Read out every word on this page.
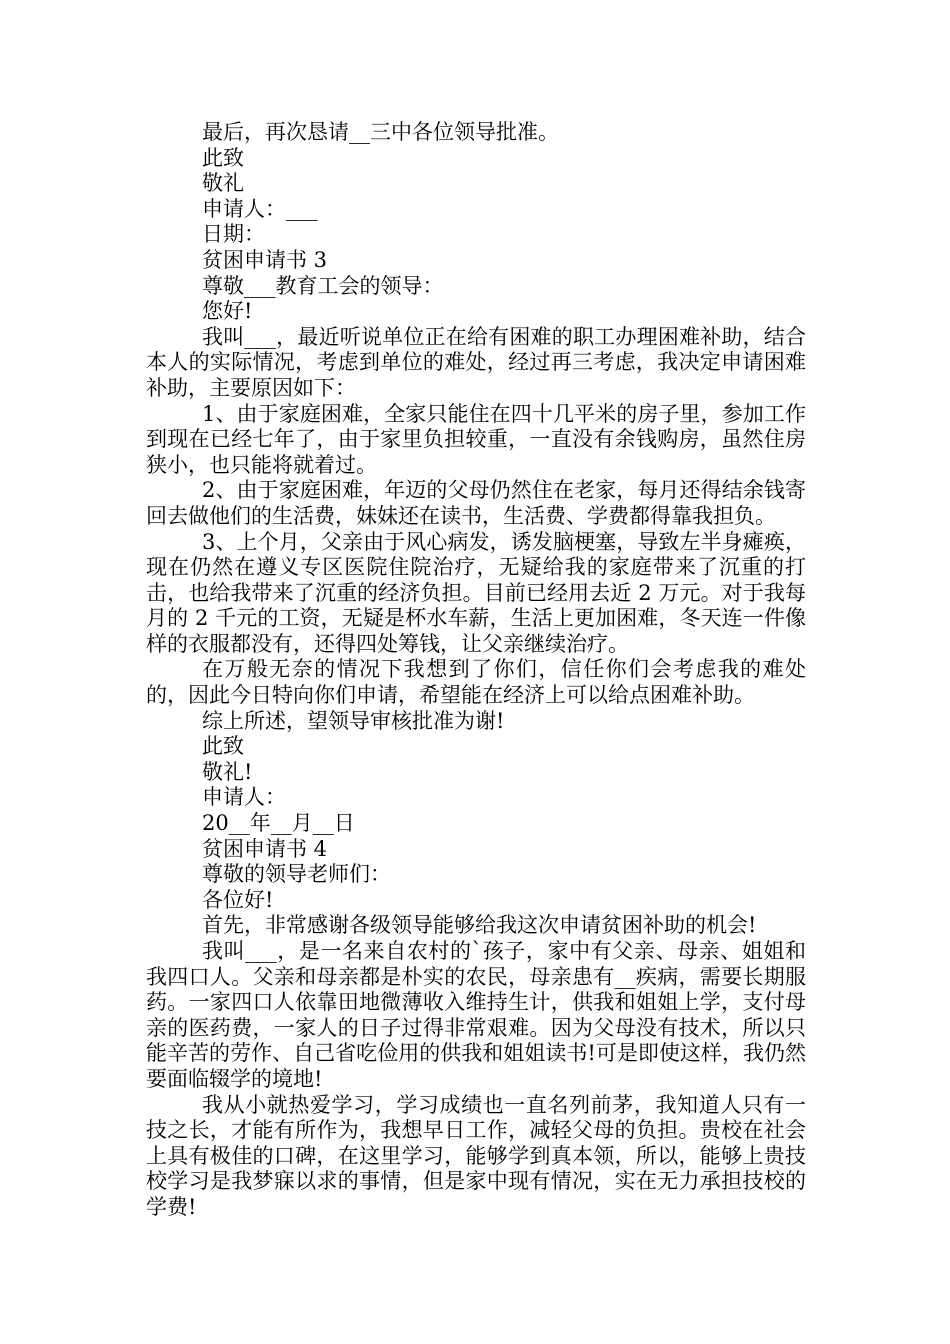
最后，再次恳请__三中各位领导批准。

此致

敬礼

申请人：___

日期：

贫困申请书 3

尊敬___教育工会的领导：

您好!

我叫___，最近听说单位正在给有困难的职工办理困难补助，结合本人的实际情况，考虑到单位的难处，经过再三考虑，我决定申请困难补助，主要原因如下：

1、由于家庭困难，全家只能住在四十几平米的房子里，参加工作到现在已经七年了，由于家里负担较重，一直没有余钱购房，虽然住房狭小，也只能将就着过。

2、由于家庭困难，年迈的父母仍然住在老家，每月还得结余钱寄回去做他们的生活费，妹妹还在读书，生活费、学费都得靠我担负。

3、上个月，父亲由于风心病发，诱发脑梗塞，导致左半身瘫痪，现在仍然在遵义专区医院住院治疗，无疑给我的家庭带来了沉重的打击，也给我带来了沉重的经济负担。目前已经用去近 2 万元。对于我每月的 2 千元的工资，无疑是杯水车薪，生活上更加困难，冬天连一件像样的衣服都没有，还得四处筹钱，让父亲继续治疗。

在万般无奈的情况下我想到了你们，信任你们会考虑我的难处的，因此今日特向你们申请，希望能在经济上可以给点困难补助。

综上所述，望领导审核批准为谢!

此致

敬礼!

申请人：

20__年__月__日

贫困申请书 4

尊敬的领导老师们：

各位好!

首先，非常感谢各级领导能够给我这次申请贫困补助的机会!

我叫___，是一名来自农村的`孩子，家中有父亲、母亲、姐姐和我四口人。父亲和母亲都是朴实的农民，母亲患有__疾病，需要长期服药。一家四口人依靠田地微薄收入维持生计，供我和姐姐上学，支付母亲的医药费，一家人的日子过得非常艰难。因为父母没有技术，所以只能辛苦的劳作、自己省吃俭用的供我和姐姐读书!可是即使这样，我仍然要面临辍学的境地!

我从小就热爱学习，学习成绩也一直名列前茅，我知道人只有一技之长，才能有所作为，我想早日工作，减轻父母的负担。贵校在社会上具有极佳的口碑，在这里学习，能够学到真本领，所以，能够上贵技校学习是我梦寐以求的事情，但是家中现有情况，实在无力承担技校的学费!
